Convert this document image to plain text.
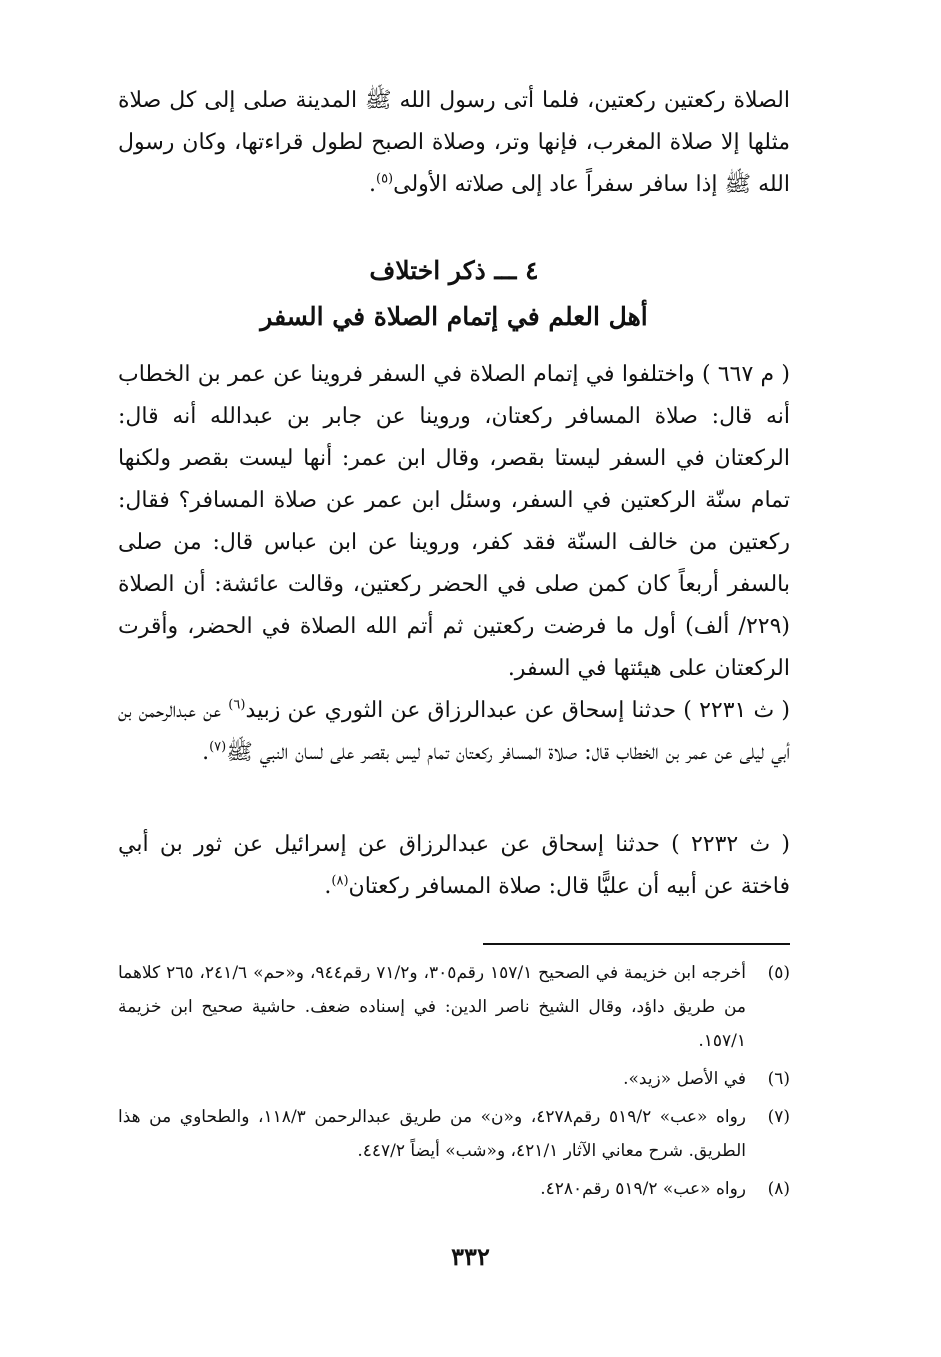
الصلاة ركعتين ركعتين، فلما أتى رسول الله ﷺ المدينة صلى إلى كل صلاة مثلها إلا صلاة المغرب، فإنها وتر، وصلاة الصبح لطول قراءتها، وكان رسول الله ﷺ إذا سافر سفراً عاد إلى صلاته الأولى$^{(٥)}$.

٤ ـــ ذكر اختلاف
أهل العلم في إتمام الصلاة في السفر

( م ٦٦٧ ) واختلفوا في إتمام الصلاة في السفر فروينا عن عمر بن الخطاب أنه قال: صلاة المسافر ركعتان، وروينا عن جابر بن عبدالله أنه قال: الركعتان في السفر ليستا بقصر، وقال ابن عمر: أنها ليست بقصر ولكنها تمام سنّة الركعتين في السفر، وسئل ابن عمر عن صلاة المسافر؟ فقال: ركعتين من خالف السنّة فقد كفر، وروينا عن ابن عباس قال: من صلى بالسفر أربعاً كان كمن صلى في الحضر ركعتين، وقالت عائشة: أن الصلاة (٢٢٩/ ألف) أول ما فرضت ركعتين ثم أتم الله الصلاة في الحضر، وأقرت الركعتان على هيئتها في السفر.

( ث ٢٢٣١ ) حدثنا إسحاق عن عبدالرزاق عن الثوري عن زبيد$^{(٦)}$ عن عبدالرحمن بن أبي ليلى عن عمر بن الخطاب قال: صلاة المسافر ركعتان تمام ليس بقصر على لسان النبي ﷺ$^{(٧)}$.

( ث ٢٢٣٢ ) حدثنا إسحاق عن عبدالرزاق عن إسرائيل عن ثور بن أبي فاختة عن أبيه أن عليًّا قال: صلاة المسافر ركعتان$^{(٨)}$.

(٥)
أخرجه ابن خزيمة في الصحيح ١٥٧/١ رقم٣٠٥، و٧١/٢ رقم٩٤٤، و«حم» ٢٤١/٦، ٢٦٥ كلاهما من طريق داؤد، وقال الشيخ ناصر الدين: في إسناده ضعف. حاشية صحيح ابن خزيمة ١٥٧/١.
(٦)
في الأصل «زيد».
(٧)
رواه «عب» ٥١٩/٢ رقم٤٢٧٨، و«ن» من طريق عبدالرحمن ١١٨/٣، والطحاوي من هذا الطريق. شرح معاني الآثار ٤٢١/١، و«شب» أيضاً ٤٤٧/٢.
(٨)
رواه «عب» ٥١٩/٢ رقم٤٢٨٠.
٣٣٢
